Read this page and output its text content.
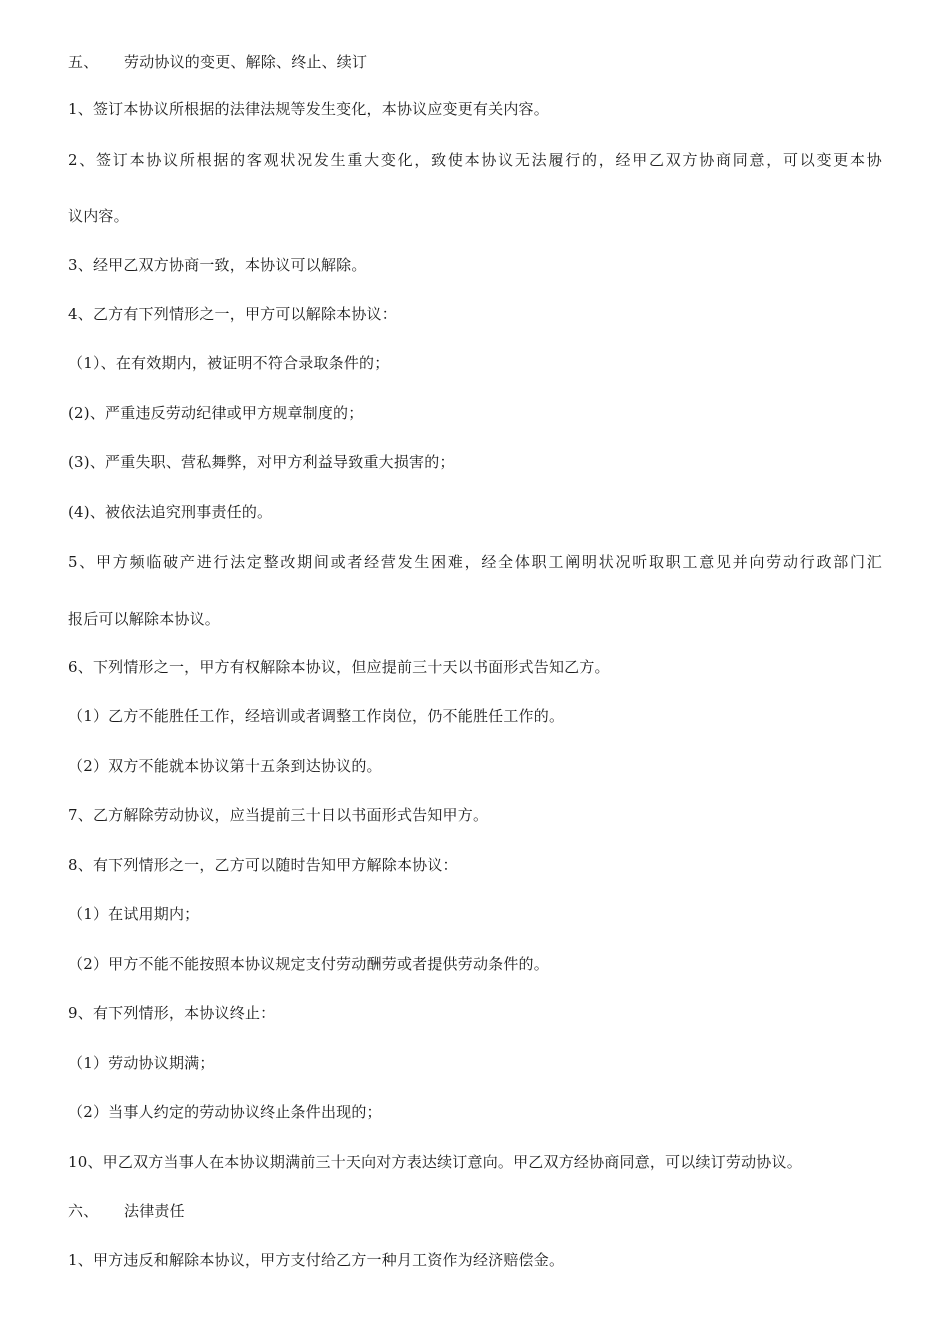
五、 劳动协议的变更、解除、终止、续订
1、签订本协议所根据的法律法规等发生变化，本协议应变更有关内容。
2、签订本协议所根据的客观状况发生重大变化，致使本协议无法履行的，经甲乙双方协商同意，可以变更本协
议内容。
3、经甲乙双方协商一致，本协议可以解除。
4、乙方有下列情形之一，甲方可以解除本协议：
（1）、在有效期内，被证明不符合录取条件的；
(2)、严重违反劳动纪律或甲方规章制度的；
(3)、严重失职、营私舞弊，对甲方利益导致重大损害的；
(4)、被依法追究刑事责任的。
5、甲方频临破产进行法定整改期间或者经营发生困难，经全体职工阐明状况听取职工意见并向劳动行政部门汇
报后可以解除本协议。
6、下列情形之一，甲方有权解除本协议，但应提前三十天以书面形式告知乙方。
（1）乙方不能胜任工作，经培训或者调整工作岗位，仍不能胜任工作的。
（2）双方不能就本协议第十五条到达协议的。
7、乙方解除劳动协议，应当提前三十日以书面形式告知甲方。
8、有下列情形之一，乙方可以随时告知甲方解除本协议：
（1）在试用期内；
（2）甲方不能不能按照本协议规定支付劳动酬劳或者提供劳动条件的。
9、有下列情形，本协议终止：
（1）劳动协议期满；
（2）当事人约定的劳动协议终止条件出现的；
10、甲乙双方当事人在本协议期满前三十天向对方表达续订意向。甲乙双方经协商同意，可以续订劳动协议。
六、 法律责任
1、甲方违反和解除本协议，甲方支付给乙方一种月工资作为经济赔偿金。
